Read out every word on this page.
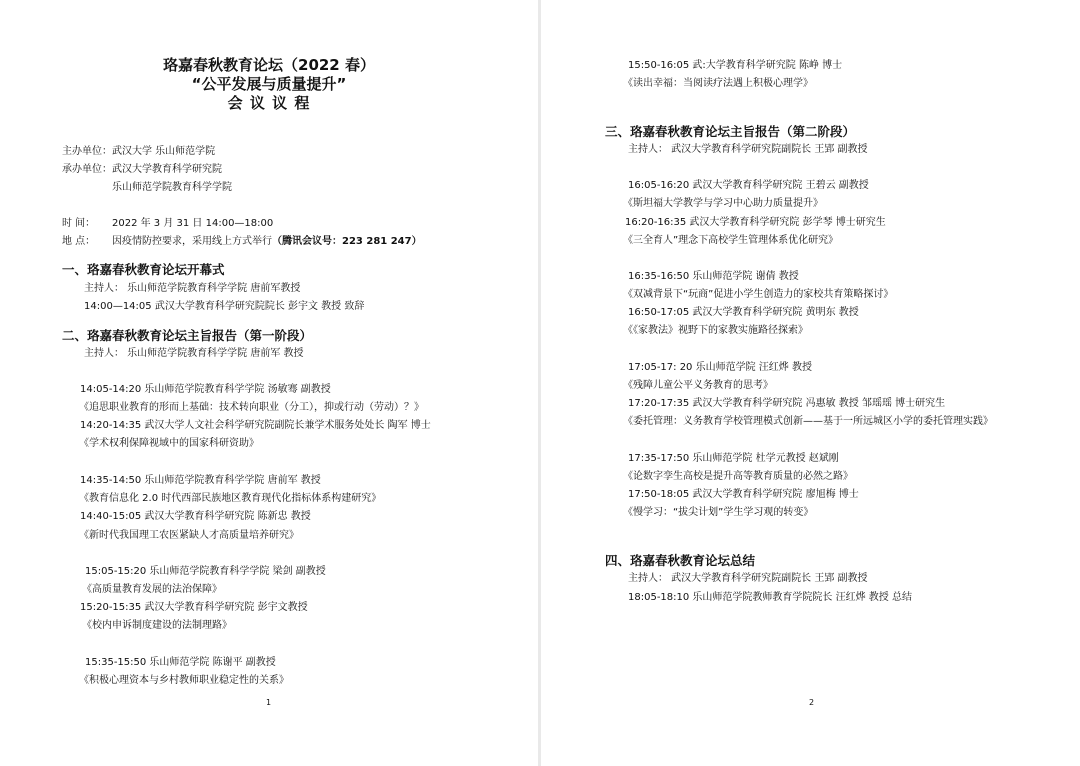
珞嘉春秋教育论坛（2022 春）
“公平发展与质量提升”
会 议 议 程
主办单位： 武汉大学 乐山师范学院
承办单位： 武汉大学教育科学研究院
乐山师范学院教育科学学院
时 间： 2022 年 3 月 31 日 14:00—18:00
地 点： 因疫情防控要求，采用线上方式举行（腾讯会议号：223 281 247）
一、珞嘉春秋教育论坛开幕式
主持人： 乐山师范学院教育科学学院 唐前军教授
14:00—14:05 武汉大学教育科学研究院院长 彭宇文 教授 致辞
二、珞嘉春秋教育论坛主旨报告（第一阶段）
主持人： 乐山师范学院教育科学学院 唐前军 教授
14:05-14:20 乐山师范学院教育科学学院 汤敏骞 副教授
《追思职业教育的形而上基础：技术转向职业（分工），抑或行动（劳动）？》
14:20-14:35 武汉大学人文社会科学研究院副院长兼学术服务处处长 陶军 博士
《学术权利保障视域中的国家科研资助》
14:35-14:50 乐山师范学院教育科学学院 唐前军 教授
《教育信息化 2.0 时代西部民族地区教育现代化指标体系构建研究》
14:40-15:05 武汉大学教育科学研究院 陈新忠 教授
《新时代我国理工农医紧缺人才高质量培养研究》
15:05-15:20 乐山师范学院教育科学学院 梁剑 副教授
《高质量教育发展的法治保障》
15:20-15:35 武汉大学教育科学研究院 彭宇文教授
《校内申诉制度建设的法制理路》
15:35-15:50 乐山师范学院 陈谢平 副教授
《积极心理资本与乡村教师职业稳定性的关系》
1
15:50-16:05 武:大学教育科学研究院 陈峥 博士
《读出幸福：当阅读疗法遇上积极心理学》
三、珞嘉春秋教育论坛主旨报告（第二阶段）
主持人： 武汉大学教育科学研究院副院长 王郢 副教授
16:05-16:20 武汉大学教育科学研究院 王碧云 副教授
《斯坦福大学教学与学习中心助力质量提升》
16:20-16:35 武汉大学教育科学研究院 彭学琴 博士研究生
《三全育人”理念下高校学生管理体系优化研究》
16:35-16:50 乐山师范学院 谢倩 教授
《双减背景下“玩商”促进小学生创造力的家校共育策略探讨》
16:50-17:05 武汉大学教育科学研究院 黄明东 教授
《《家教法》视野下的家教实施路径探索》
17:05-17: 20 乐山师范学院 汪红烨 教授
《残障儿童公平义务教育的思考》
17:20-17:35 武汉大学教育科学研究院 冯惠敏 教授 邹瑶瑶 博士研究生
《委托管理：义务教育学校管理模式创新——基于一所远城区小学的委托管理实践》
17:35-17:50 乐山师范学院 杜学元教授 赵斌刚
《论数字孪生高校是提升高等教育质量的必然之路》
17:50-18:05 武汉大学教育科学研究院 廖旭梅 博士
《慢学习：“拔尖计划”学生学习观的转变》
四、珞嘉春秋教育论坛总结
主持人： 武汉大学教育科学研究院副院长 王郢 副教授
18:05-18:10 乐山师范学院教师教育学院院长 汪红烨 教授 总结
2
